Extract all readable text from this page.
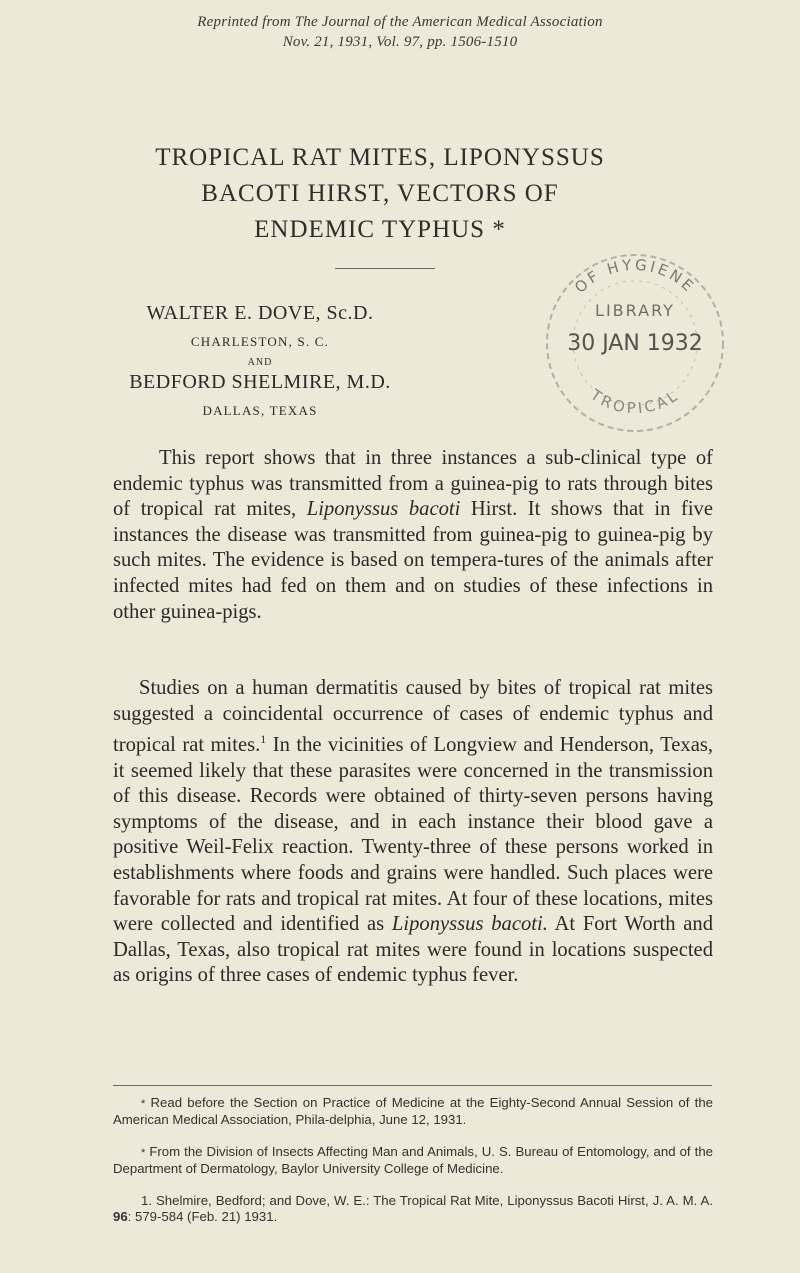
Reprinted from The Journal of the American Medical Association
Nov. 21, 1931, Vol. 97, pp. 1506-1510
TROPICAL RAT MITES, LIPONYSSUS
BACOTI HIRST, VECTORS OF
ENDEMIC TYPHUS *
WALTER E. DOVE, Sc.D.
CHARLESTON, S. C.
AND
BEDFORD SHELMIRE, M.D.
DALLAS, TEXAS
OF HYGIENE
LIBRARY
30 JAN 1932
TROPICAL

This report shows that in three instances a sub-clinical type of endemic typhus was transmitted from a guinea-pig to rats through bites of tropical rat mites, Liponyssus bacoti Hirst. It shows that in five instances the disease was transmitted from guinea-pig to guinea-pig by such mites. The evidence is based on tempera-tures of the animals after infected mites had fed on them and on studies of these infections in other guinea-pigs.

Studies on a human dermatitis caused by bites of tropical rat mites suggested a coincidental occurrence of cases of endemic typhus and tropical rat mites.$^1$ In the vicinities of Longview and Henderson, Texas, it seemed likely that these parasites were concerned in the transmission of this disease. Records were obtained of thirty-seven persons having symptoms of the disease, and in each instance their blood gave a positive Weil-Felix reaction. Twenty-three of these persons worked in establishments where foods and grains were handled. Such places were favorable for rats and tropical rat mites. At four of these locations, mites were collected and identified as Liponyssus bacoti. At Fort Worth and Dallas, Texas, also tropical rat mites were found in locations suspected as origins of three cases of endemic typhus fever.

* Read before the Section on Practice of Medicine at the Eighty-Second Annual Session of the American Medical Association, Phila-delphia, June 12, 1931.

* From the Division of Insects Affecting Man and Animals, U. S. Bureau of Entomology, and of the Department of Dermatology, Baylor University College of Medicine.

1. Shelmire, Bedford; and Dove, W. E.: The Tropical Rat Mite, Liponyssus Bacoti Hirst, J. A. M. A. 96: 579-584 (Feb. 21) 1931.
